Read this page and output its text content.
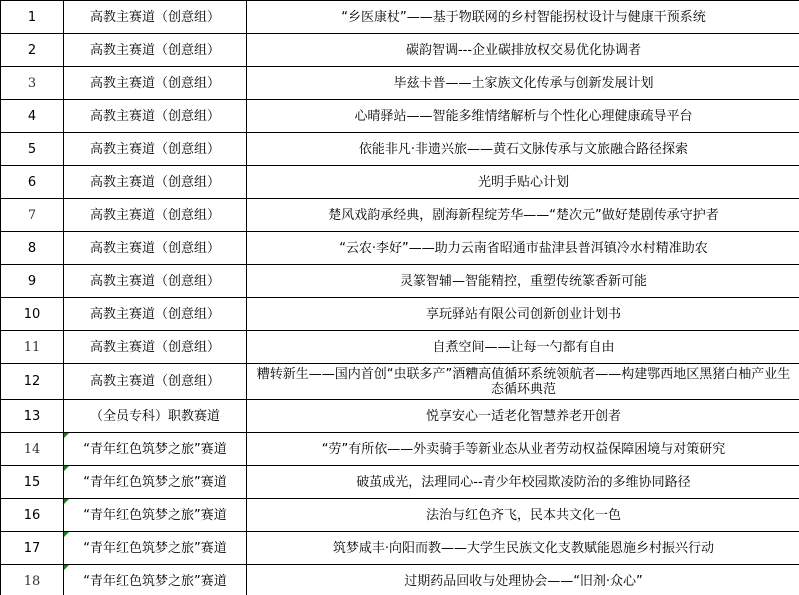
1	高教主赛道（创意组）	“乡医康杖”——基于物联网的乡村智能拐杖设计与健康干预系统
2	高教主赛道（创意组）	碳韵智调---企业碳排放权交易优化协调者
3	高教主赛道（创意组）	毕兹卡普——土家族文化传承与创新发展计划
4	高教主赛道（创意组）	心晴驿站——智能多维情绪解析与个性化心理健康疏导平台
5	高教主赛道（创意组）	依能非凡·非遗兴旅——黄石文脉传承与文旅融合路径探索
6	高教主赛道（创意组）	光明手贴心计划
7	高教主赛道（创意组）	楚风戏韵承经典，剧海新程绽芳华——“楚次元”做好楚剧传承守护者
8	高教主赛道（创意组）	“云农·李好”——助力云南省昭通市盐津县普洱镇冷水村精准助农
9	高教主赛道（创意组）	灵篆智辅—智能精控，重塑传统篆香新可能
10	高教主赛道（创意组）	享玩驿站有限公司创新创业计划书
11	高教主赛道（创意组）	自煮空间——让每一勺都有自由
12	高教主赛道（创意组）	糟转新生——国内首创“虫联多产”酒糟高值循环系统领航者——构建鄂西地区黑猪白柚产业生态循环典范
13	（全员专科）职教赛道	悦享安心一适老化智慧养老开创者
14	“青年红色筑梦之旅”赛道	“劳”有所依——外卖骑手等新业态从业者劳动权益保障困境与对策研究
15	“青年红色筑梦之旅”赛道	破茧成光，法理同心--青少年校园欺凌防治的多维协同路径
16	“青年红色筑梦之旅”赛道	法治与红色齐飞，民本共文化一色
17	“青年红色筑梦之旅”赛道	筑梦咸丰·向阳而教——大学生民族文化支教赋能恩施乡村振兴行动
18	“青年红色筑梦之旅”赛道	过期药品回收与处理协会——“旧剂·众心”
